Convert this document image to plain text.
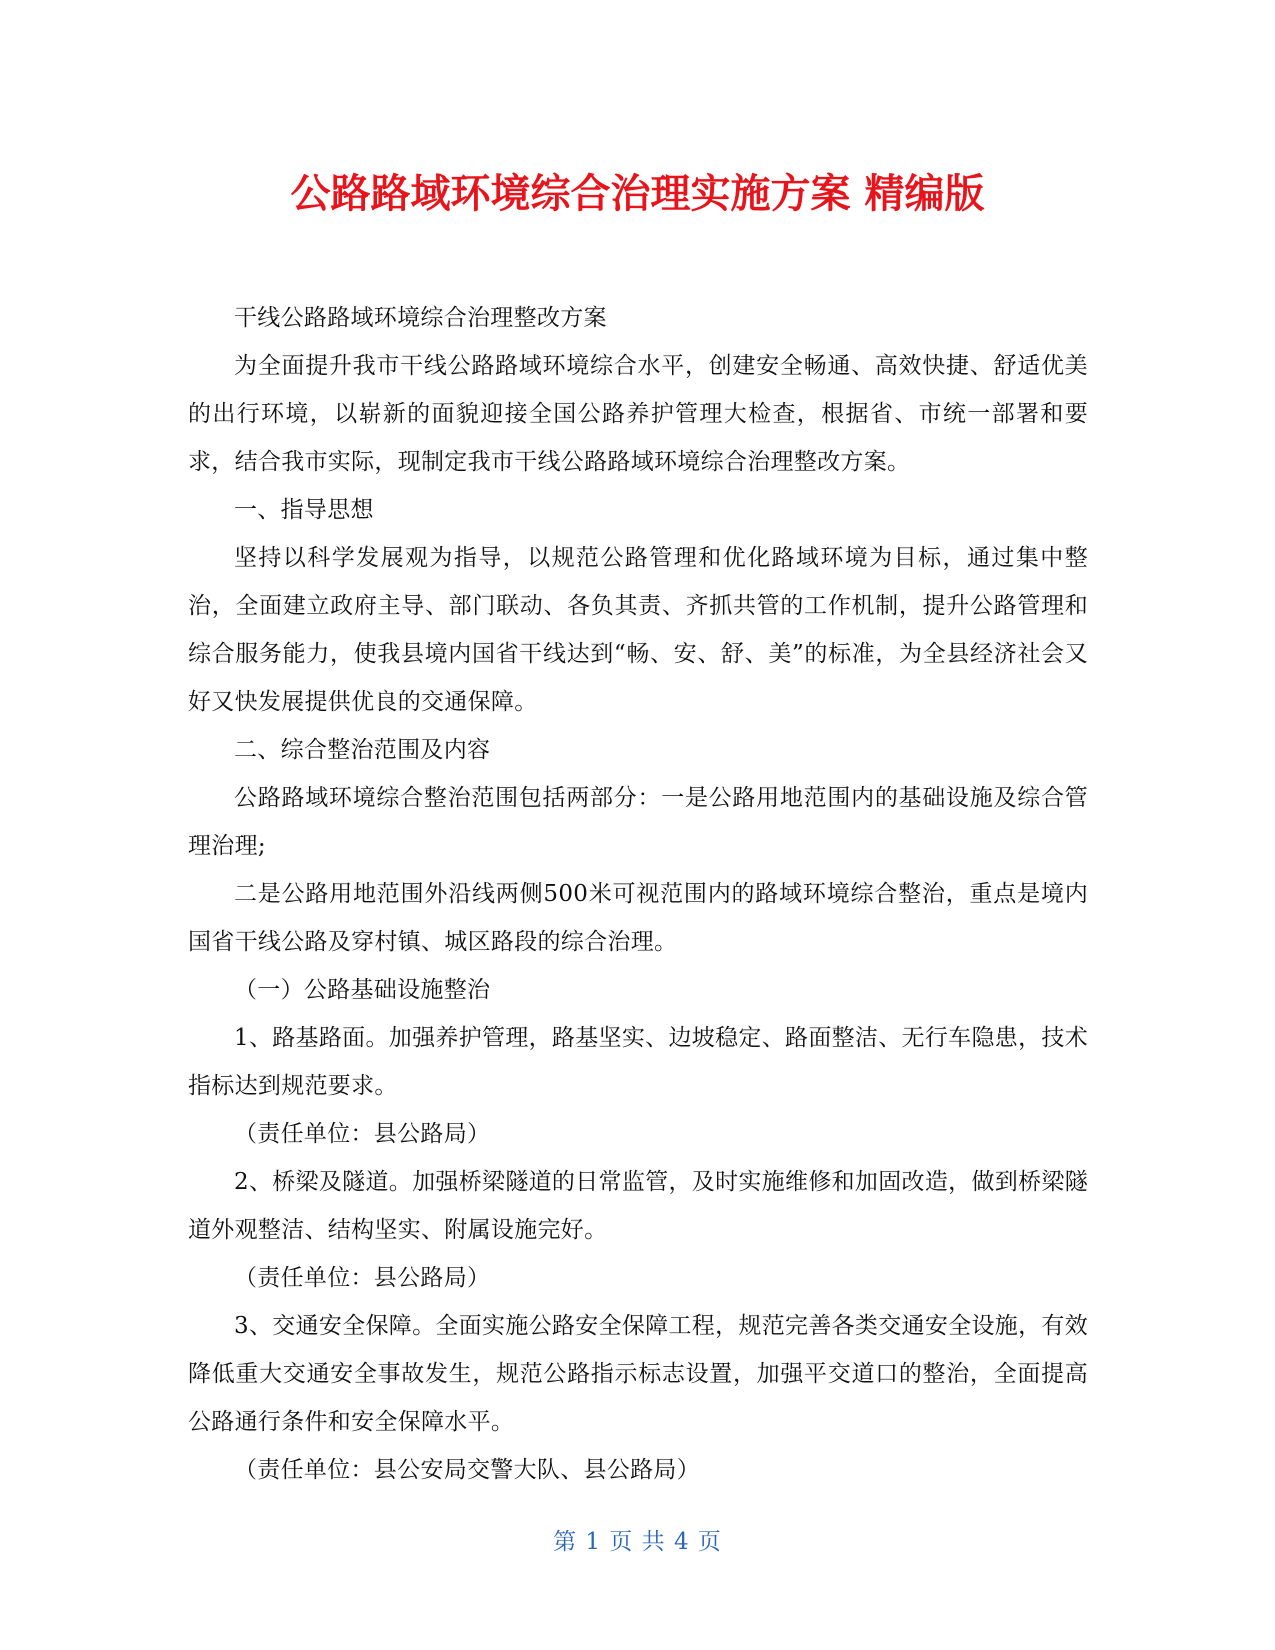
公路路域环境综合治理实施方案 精编版

干线公路路域环境综合治理整改方案

为全面提升我市干线公路路域环境综合水平，创建安全畅通、高效快捷、舒适优美的出行环境，以崭新的面貌迎接全国公路养护管理大检查，根据省、市统一部署和要求，结合我市实际，现制定我市干线公路路域环境综合治理整改方案。

一、指导思想

坚持以科学发展观为指导，以规范公路管理和优化路域环境为目标，通过集中整治，全面建立政府主导、部门联动、各负其责、齐抓共管的工作机制，提升公路管理和综合服务能力，使我县境内国省干线达到“畅、安、舒、美”的标准，为全县经济社会又好又快发展提供优良的交通保障。

二、综合整治范围及内容

公路路域环境综合整治范围包括两部分：一是公路用地范围内的基础设施及综合管理治理;

二是公路用地范围外沿线两侧500米可视范围内的路域环境综合整治，重点是境内国省干线公路及穿村镇、城区路段的综合治理。

（一）公路基础设施整治

1、路基路面。加强养护管理，路基坚实、边坡稳定、路面整洁、无行车隐患，技术指标达到规范要求。

（责任单位：县公路局）

2、桥梁及隧道。加强桥梁隧道的日常监管，及时实施维修和加固改造，做到桥梁隧道外观整洁、结构坚实、附属设施完好。

（责任单位：县公路局）

3、交通安全保障。全面实施公路安全保障工程，规范完善各类交通安全设施，有效降低重大交通安全事故发生，规范公路指示标志设置，加强平交道口的整治，全面提高公路通行条件和安全保障水平。

（责任单位：县公安局交警大队、县公路局）

第 1 页 共 4 页
